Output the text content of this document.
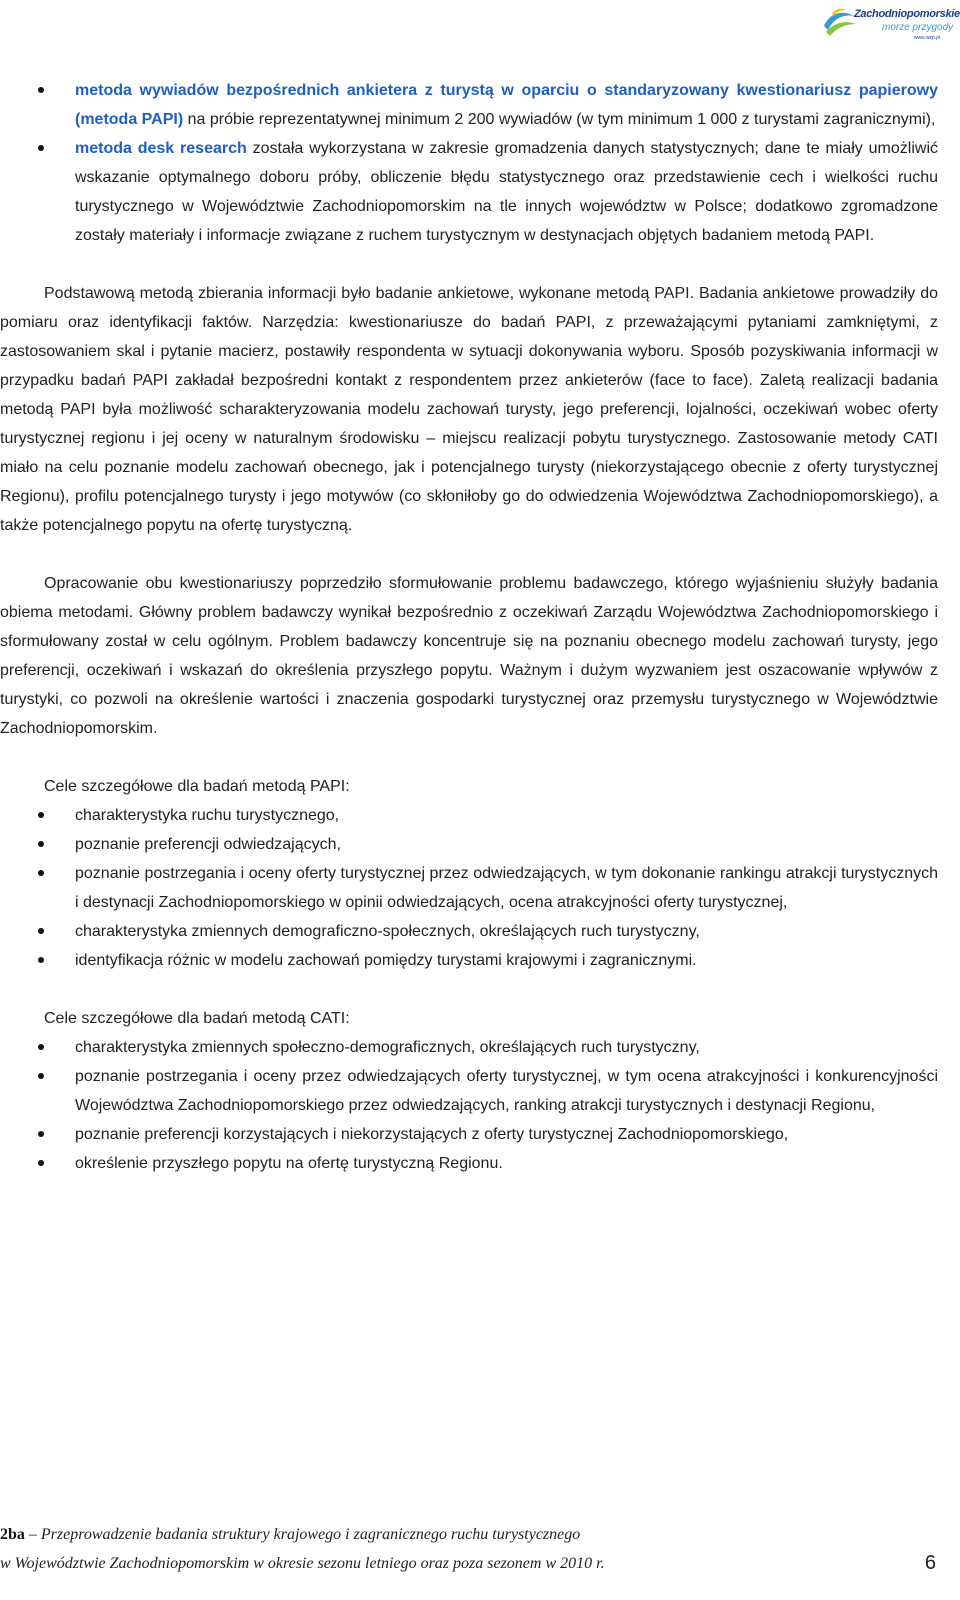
Zachodniopomorskie
morze przygody
www.wzp.pl
metoda wywiadów bezpośrednich ankietera z turystą w oparciu o standaryzowany kwestionariusz papierowy (metoda PAPI) na próbie reprezentatywnej minimum 2 200 wywiadów (w tym minimum 1 000 z turystami zagranicznymi),
metoda desk research została wykorzystana w zakresie gromadzenia danych statystycznych; dane te miały umożliwić wskazanie optymalnego doboru próby, obliczenie błędu statystycznego oraz przedstawienie cech i wielkości ruchu turystycznego w Województwie Zachodniopomorskim na tle innych województw w Polsce; dodatkowo zgromadzone zostały materiały i informacje związane z ruchem turystycznym w destynacjach objętych badaniem metodą PAPI.

Podstawową metodą zbierania informacji było badanie ankietowe, wykonane metodą PAPI. Badania ankietowe prowadziły do pomiaru oraz identyfikacji faktów. Narzędzia: kwestionariusze do badań PAPI, z przeważającymi pytaniami zamkniętymi, z zastosowaniem skal i pytanie macierz, postawiły respondenta w sytuacji dokonywania wyboru. Sposób pozyskiwania informacji w przypadku badań PAPI zakładał bezpośredni kontakt z respondentem przez ankieterów (face to face). Zaletą realizacji badania metodą PAPI była możliwość scharakteryzowania modelu zachowań turysty, jego preferencji, lojalności, oczekiwań wobec oferty turystycznej regionu i jej oceny w naturalnym środowisku – miejscu realizacji pobytu turystycznego. Zastosowanie metody CATI miało na celu poznanie modelu zachowań obecnego, jak i potencjalnego turysty (niekorzystającego obecnie z oferty turystycznej Regionu), profilu potencjalnego turysty i jego motywów (co skłoniłoby go do odwiedzenia Województwa Zachodniopomorskiego), a także potencjalnego popytu na ofertę turystyczną.

Opracowanie obu kwestionariuszy poprzedziło sformułowanie problemu badawczego, którego wyjaśnieniu służyły badania obiema metodami. Główny problem badawczy wynikał bezpośrednio z oczekiwań Zarządu Województwa Zachodniopomorskiego i sformułowany został w celu ogólnym. Problem badawczy koncentruje się na poznaniu obecnego modelu zachowań turysty, jego preferencji, oczekiwań i wskazań do określenia przyszłego popytu. Ważnym i dużym wyzwaniem jest oszacowanie wpływów z turystyki, co pozwoli na określenie wartości i znaczenia gospodarki turystycznej oraz przemysłu turystycznego w Województwie Zachodniopomorskim.

Cele szczegółowe dla badań metodą PAPI:

charakterystyka ruchu turystycznego,
poznanie preferencji odwiedzających,
poznanie postrzegania i oceny oferty turystycznej przez odwiedzających, w tym dokonanie rankingu atrakcji turystycznych i destynacji Zachodniopomorskiego w opinii odwiedzających, ocena atrakcyjności oferty turystycznej,
charakterystyka zmiennych demograficzno-społecznych, określających ruch turystyczny,
identyfikacja różnic w modelu zachowań pomiędzy turystami krajowymi i zagranicznymi.

Cele szczegółowe dla badań metodą CATI:

charakterystyka zmiennych społeczno-demograficznych, określających ruch turystyczny,
poznanie postrzegania i oceny przez odwiedzających oferty turystycznej, w tym ocena atrakcyjności i konkurencyjności Województwa Zachodniopomorskiego przez odwiedzających, ranking atrakcji turystycznych i destynacji Regionu,
poznanie preferencji korzystających i niekorzystających z oferty turystycznej Zachodniopomorskiego,
określenie przyszłego popytu na ofertę turystyczną Regionu.
2ba – Przeprowadzenie badania struktury krajowego i zagranicznego ruchu turystycznego
w Województwie Zachodniopomorskim w okresie sezonu letniego oraz poza sezonem w 2010 r.	6
